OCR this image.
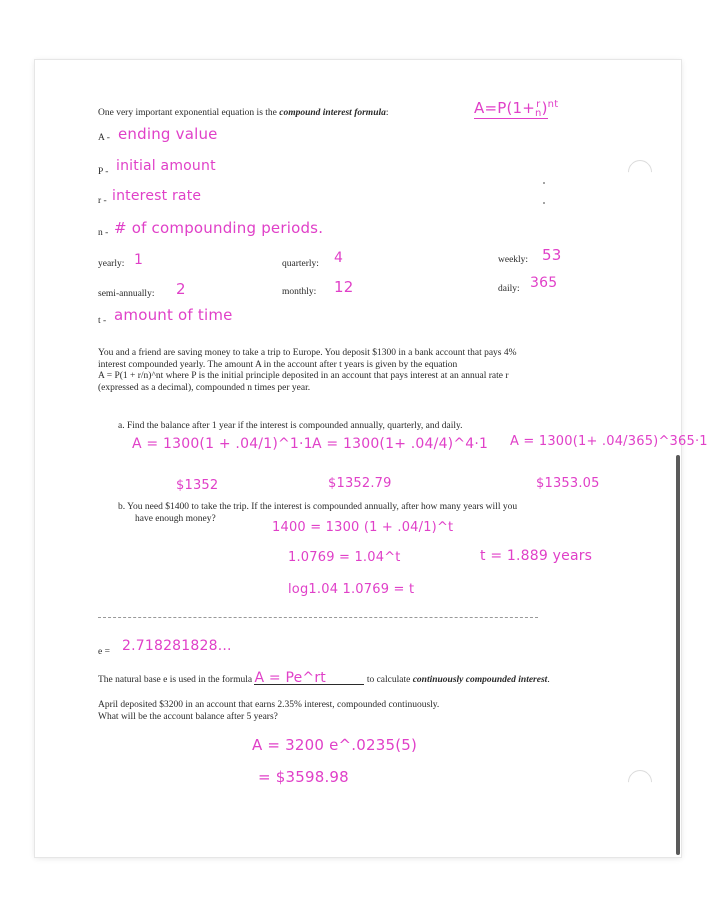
One very important exponential equation is the compound interest formula:	A=P(1+r
n)$^{nt}$
A - ending value
P - initial amount
r - interest rate
n - # of compounding periods.
yearly: 1	quarterly: 4	weekly: 53
semi-annually: 2	monthly: 12	daily: 365
t - amount of time
You and a friend are saving money to take a trip to Europe. You deposit $1300 in a bank account that pays 4%
interest compounded yearly. The amount A in the account after t years is given by the equation
A = P(1 + r/n)^nt where P is the initial principle deposited in an account that pays interest at an annual rate r
(expressed as a decimal), compounded n times per year.
a. Find the balance after 1 year if the interest is compounded annually, quarterly, and daily.
A = 1300(1 + .04/1)^1·1 A = 1300(1+ .04/4)^4·1 A = 1300(1+ .04/365)^365·1
$1352	$1352.79	$1353.05
b. You need $1400 to take the trip. If the interest is compounded annually, after how many years will you
have enough money?
1400 = 1300 (1 + .04/1)^t
1.0769 = 1.04^t	t = 1.889 years
log1.04 1.0769 = t
e = 2.718281828...
The natural base e is used in the formula A = Pe^rt	to calculate continuously compounded interest.
April deposited $3200 in an account that earns 2.35% interest, compounded continuously.
What will be the account balance after 5 years?
A = 3200 e^.0235(5)
= $3598.98
